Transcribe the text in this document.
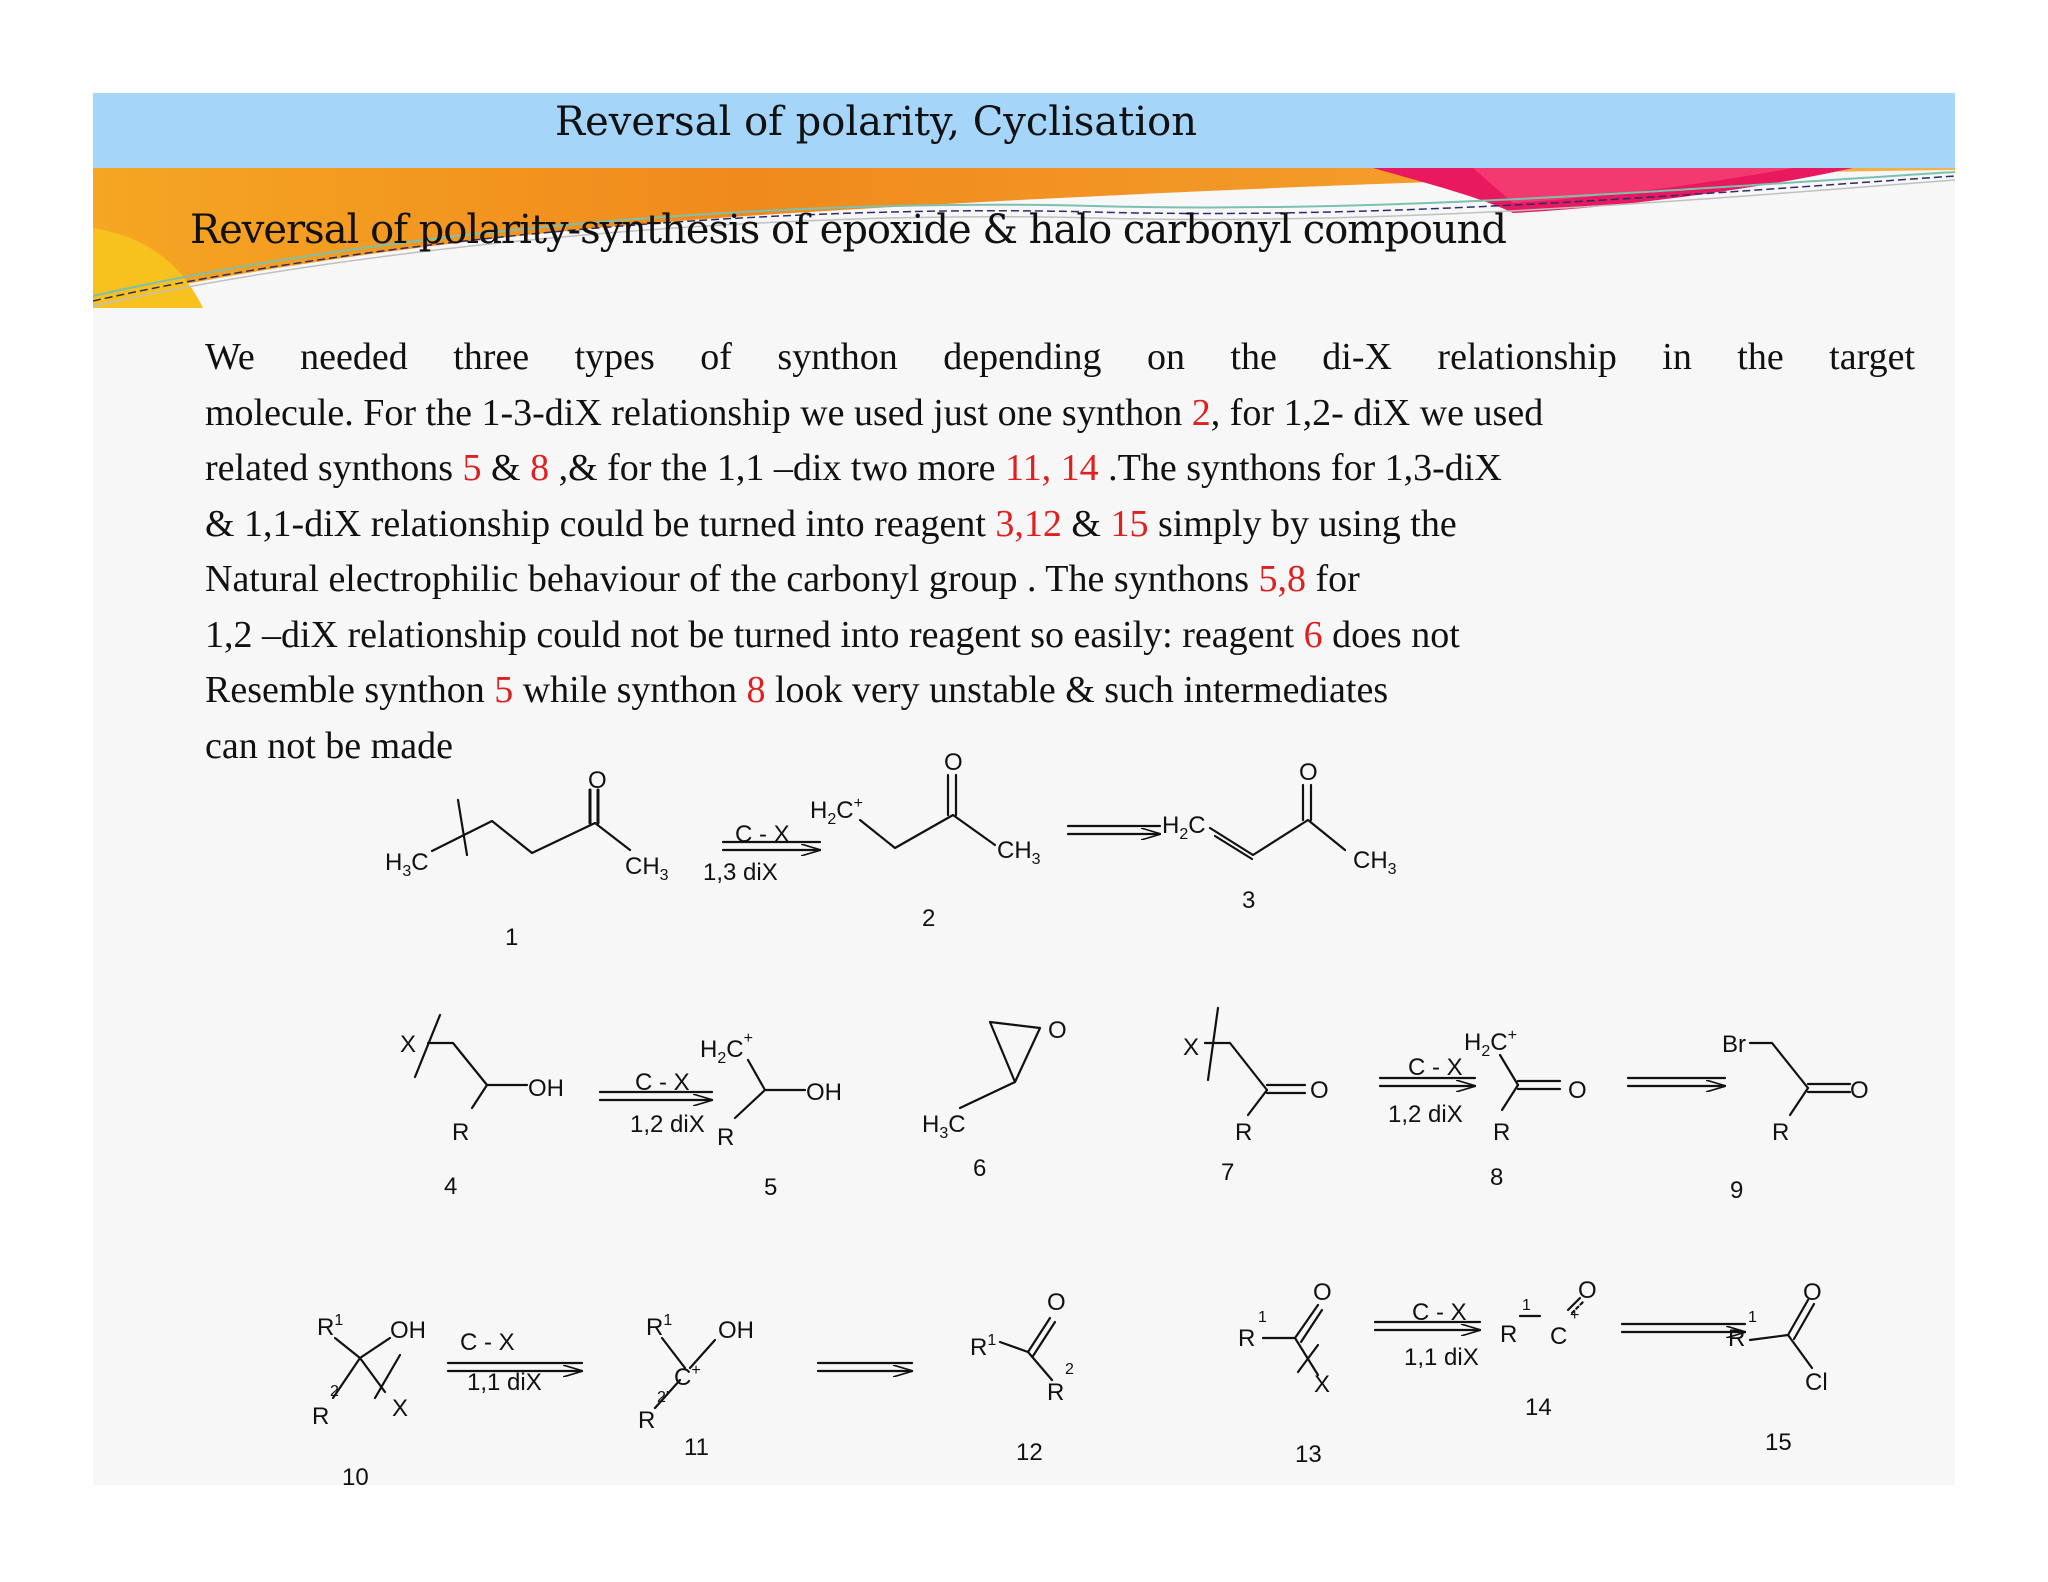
Reversal of polarity, Cyclisation
Reversal of polarity-synthesis of epoxide & halo carbonyl compound
We needed three types of synthon depending on the di-X relationship in the target
molecule. For the 1-3-diX relationship we used just one synthon 2, for 1,2- diX we used
related synthons 5 & 8 ,& for the 1,1 –dix two more 11, 14 .The synthons for 1,3-diX
& 1,1-diX relationship could be turned into reagent 3,12 & 15 simply by using the
Natural electrophilic behaviour of the carbonyl group . The synthons 5,8 for
1,2 –diX relationship could not be turned into reagent so easily: reagent 6 does not
Resemble synthon 5 while synthon 8 look very unstable & such intermediates
can not be made
$H_3C$
O
$CH_3$
1
C - X
1,3 diX
$H_2C^+$
O
$CH_3$
2
$H_2C$
O
$CH_3$
3
X
OH
R
4
C - X
1,2 diX
$H_2C^+$
OH
R
5
O
$H_3C$
6
X
O
R
7
C - X
1,2 diX
$H_2C^+$
O
R
8
Br
O
R
9
$R^1$ OH
2
R	X
10
C - X
1,1 diX
$R^1$ OH
C+
2'
R
11
O
$R^1$
2
R
12
O
1
R
X
13
C - X
1,1 diX
1
R C
+
O
14
O
1
R
Cl
15
